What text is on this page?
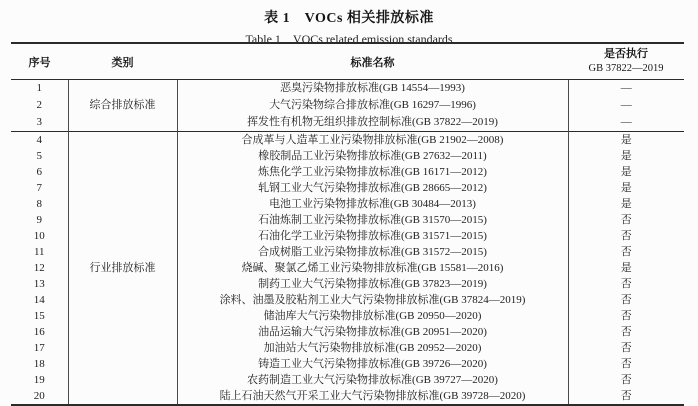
表 1　VOCs 相关排放标准
Table 1　VOCs related emission standards
序号	类别	标准名称	是否执行
GB 37822—2019

1	综合排放标准	恶臭污染物排放标准(GB 14554—1993)	—
2		大气污染物综合排放标准(GB 16297—1996)	—
3		挥发性有机物无组织排放控制标准(GB 37822—2019)	—
4	行业排放标准	合成革与人造革工业污染物排放标准(GB 21902—2008)	是
5		橡胶制品工业污染物排放标准(GB 27632—2011)	是
6		炼焦化学工业污染物排放标准(GB 16171—2012)	是
7		轧钢工业大气污染物排放标准(GB 28665—2012)	是
8		电池工业污染物排放标准(GB 30484—2013)	是
9		石油炼制工业污染物排放标准(GB 31570—2015)	否
10		石油化学工业污染物排放标准(GB 31571—2015)	否
11		合成树脂工业污染物排放标准(GB 31572—2015)	否
12		烧碱、聚氯乙烯工业污染物排放标准(GB 15581—2016)	是
13		制药工业大气污染物排放标准(GB 37823—2019)	否
14		涂料、油墨及胶粘剂工业大气污染物排放标准(GB 37824—2019)	否
15		储油库大气污染物排放标准(GB 20950—2020)	否
16		油品运输大气污染物排放标准(GB 20951—2020)	否
17		加油站大气污染物排放标准(GB 20952—2020)	否
18		铸造工业大气污染物排放标准(GB 39726—2020)	否
19		农药制造工业大气污染物排放标准(GB 39727—2020)	否
20		陆上石油天然气开采工业大气污染物排放标准(GB 39728—2020)	否
